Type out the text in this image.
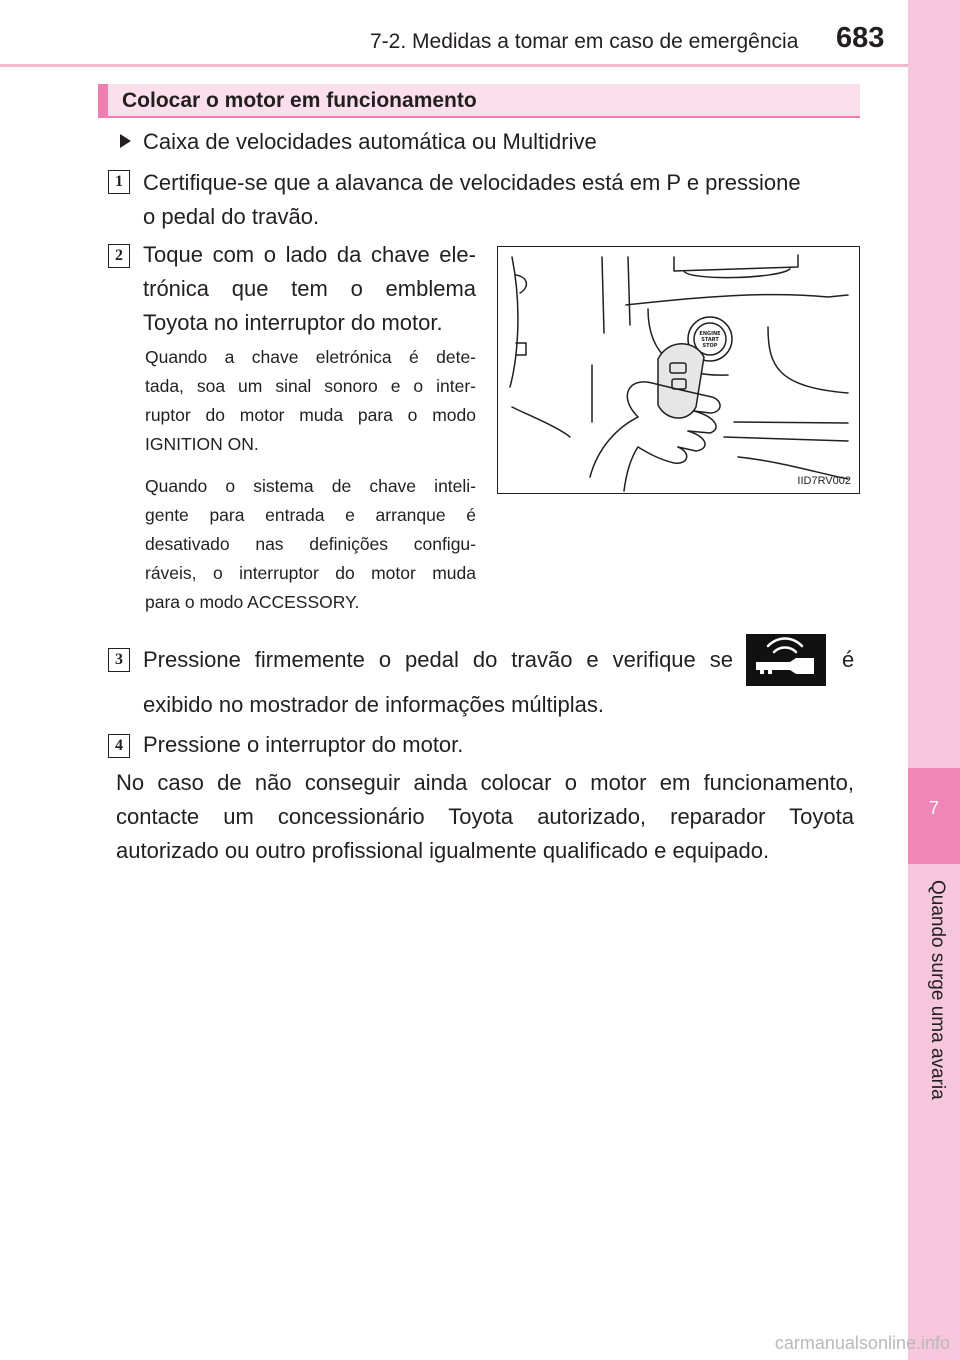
7-2. Medidas a tomar em caso de emergência 683
7
Quando surge uma avaria
Colocar o motor em funcionamento
Caixa de velocidades automática ou Multidrive
1 Certifique-se que a alavanca de velocidades está em P e pressione
o pedal do travão.
2 Toque com o lado da chave ele-
trónica que tem o emblema
Toyota no interruptor do motor.
Quando a chave eletrónica é dete-
tada, soa um sinal sonoro e o inter-
ruptor do motor muda para o modo
IGNITION ON.
Quando o sistema de chave inteli-
gente para entrada e arranque é
desativado nas definições configu-
ráveis, o interruptor do motor muda
para o modo ACCESSORY.
ENGINE
START
STOP
IID7RV002
3 Pressione firmemente o pedal do travão e verifique se	é
exibido no mostrador de informações múltiplas.
4 Pressione o interruptor do motor.
No caso de não conseguir ainda colocar o motor em funcionamento,
contacte um concessionário Toyota autorizado, reparador Toyota
autorizado ou outro profissional igualmente qualificado e equipado.
carmanualsonline.info
